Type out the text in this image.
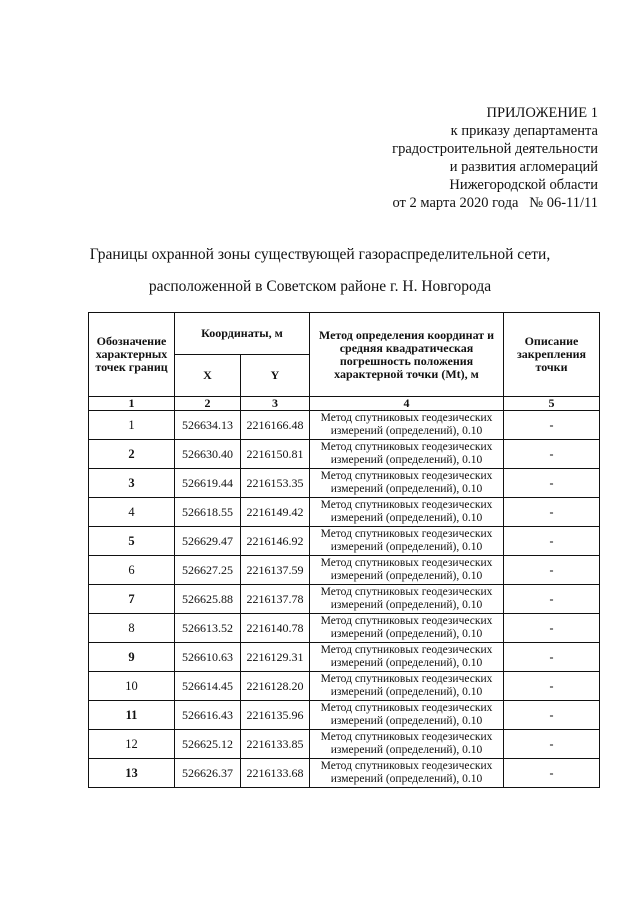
ПРИЛОЖЕНИЕ 1
к приказу департамента
градостроительной деятельности
и развития агломераций
Нижегородской области
от 2 марта 2020 года   № 06-11/11
Границы охранной зоны существующей газораспределительной сети,
расположенной в Советском районе г. Н. Новгорода
Обозначение характерных точек границ	Координаты, м		Метод определения координат и средняя квадратическая погрешность положения характерной точки (Mt), м	Описание закрепления точки
	X	Y		
1	2	3	4	5
1	526634.13	2216166.48	Метод спутниковых геодезических измерений (определений), 0.10	-
2	526630.40	2216150.81	Метод спутниковых геодезических измерений (определений), 0.10	-
3	526619.44	2216153.35	Метод спутниковых геодезических измерений (определений), 0.10	-
4	526618.55	2216149.42	Метод спутниковых геодезических измерений (определений), 0.10	-
5	526629.47	2216146.92	Метод спутниковых геодезических измерений (определений), 0.10	-
6	526627.25	2216137.59	Метод спутниковых геодезических измерений (определений), 0.10	-
7	526625.88	2216137.78	Метод спутниковых геодезических измерений (определений), 0.10	-
8	526613.52	2216140.78	Метод спутниковых геодезических измерений (определений), 0.10	-
9	526610.63	2216129.31	Метод спутниковых геодезических измерений (определений), 0.10	-
10	526614.45	2216128.20	Метод спутниковых геодезических измерений (определений), 0.10	-
11	526616.43	2216135.96	Метод спутниковых геодезических измерений (определений), 0.10	-
12	526625.12	2216133.85	Метод спутниковых геодезических измерений (определений), 0.10	-
13	526626.37	2216133.68	Метод спутниковых геодезических измерений (определений), 0.10	-
